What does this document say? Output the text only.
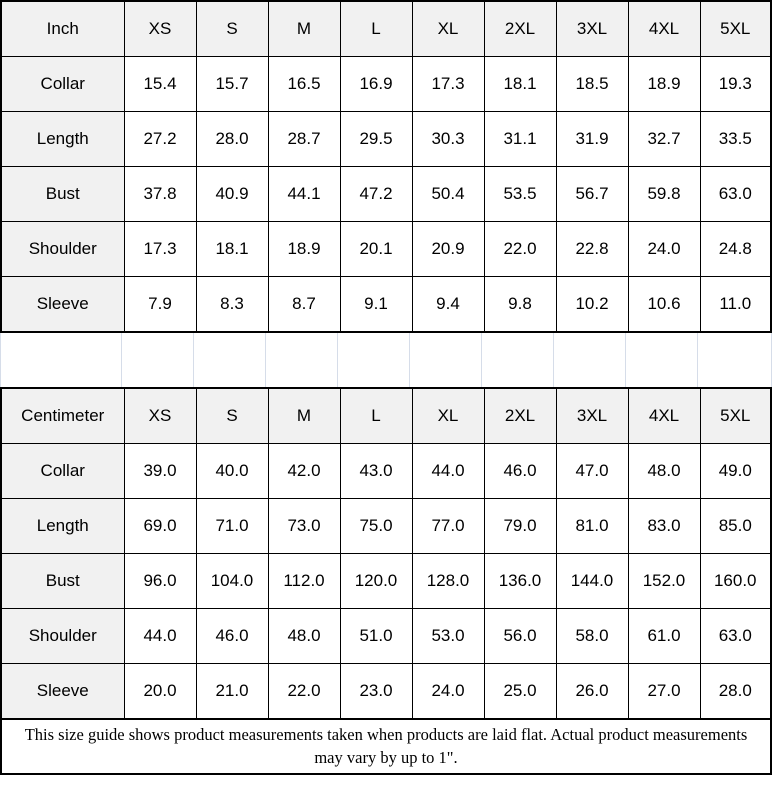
Inch	XS	S	M	L	XL	2XL	3XL	4XL	5XL
Collar	15.4	15.7	16.5	16.9	17.3	18.1	18.5	18.9	19.3
Length	27.2	28.0	28.7	29.5	30.3	31.1	31.9	32.7	33.5
Bust	37.8	40.9	44.1	47.2	50.4	53.5	56.7	59.8	63.0
Shoulder	17.3	18.1	18.9	20.1	20.9	22.0	22.8	24.0	24.8
Sleeve	7.9	8.3	8.7	9.1	9.4	9.8	10.2	10.6	11.0
Centimeter	XS	S	M	L	XL	2XL	3XL	4XL	5XL
Collar	39.0	40.0	42.0	43.0	44.0	46.0	47.0	48.0	49.0
Length	69.0	71.0	73.0	75.0	77.0	79.0	81.0	83.0	85.0
Bust	96.0	104.0	112.0	120.0	128.0	136.0	144.0	152.0	160.0
Shoulder	44.0	46.0	48.0	51.0	53.0	56.0	58.0	61.0	63.0
Sleeve	20.0	21.0	22.0	23.0	24.0	25.0	26.0	27.0	28.0
This size guide shows product measurements taken when products are laid flat. Actual product measurements may vary by up to 1".
